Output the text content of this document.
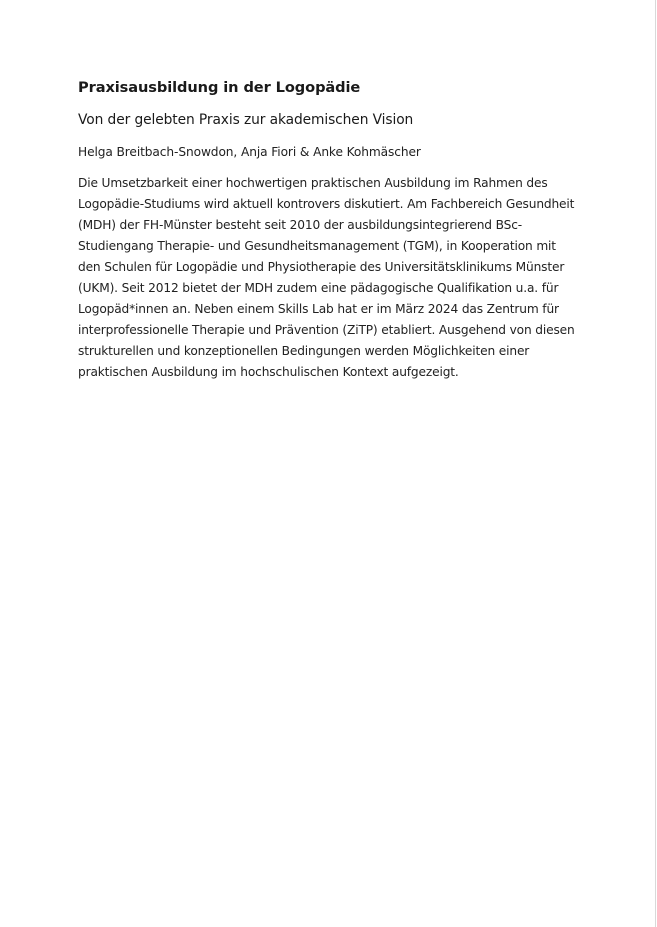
Praxisausbildung in der Logopädie
Von der gelebten Praxis zur akademischen Vision

Helga Breitbach-Snowdon, Anja Fiori & Anke Kohmäscher

Die Umsetzbarkeit einer hochwertigen praktischen Ausbildung im Rahmen des
Logopädie-Studiums wird aktuell kontrovers diskutiert. Am Fachbereich Gesundheit
(MDH) der FH-Münster besteht seit 2010 der ausbildungsintegrierend BSc-
Studiengang Therapie- und Gesundheitsmanagement (TGM), in Kooperation mit
den Schulen für Logopädie und Physiotherapie des Universitätsklinikums Münster
(UKM). Seit 2012 bietet der MDH zudem eine pädagogische Qualifikation u.a. für
Logopäd*innen an. Neben einem Skills Lab hat er im März 2024 das Zentrum für
interprofessionelle Therapie und Prävention (ZiTP) etabliert. Ausgehend von diesen
strukturellen und konzeptionellen Bedingungen werden Möglichkeiten einer
praktischen Ausbildung im hochschulischen Kontext aufgezeigt.
